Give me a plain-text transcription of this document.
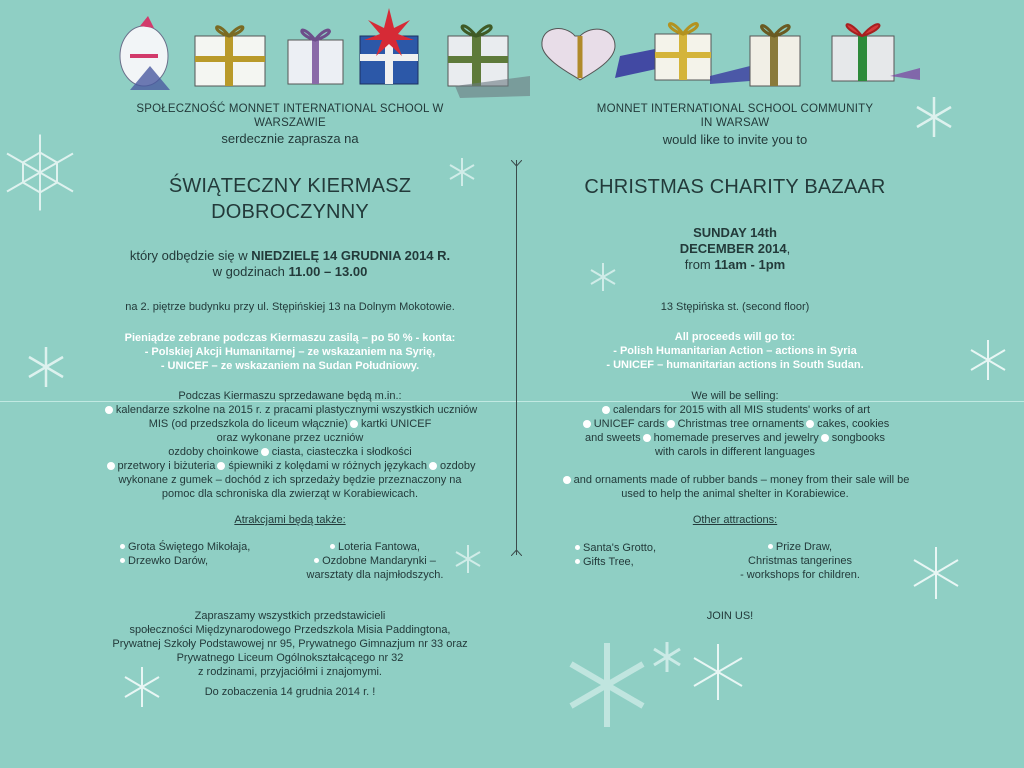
SPOŁECZNOŚĆ MONNET INTERNATIONAL SCHOOL W WARSZAWIE
serdecznie zaprasza na
ŚWIĄTECZNY KIERMASZ
DOBROCZYNNY
który odbędzie się w NIEDZIELĘ 14 GRUDNIA 2014 R.
w godzinach 11.00 – 13.00
na 2. piętrze budynku przy ul. Stępińskiej 13 na Dolnym Mokotowie.
Pieniądze zebrane podczas Kiermaszu zasilą – po 50 % - konta:
- Polskiej Akcji Humanitarnej – ze wskazaniem na Syrię,
- UNICEF – ze wskazaniem na Sudan Południowy.
Podczas Kiermaszu sprzedawane będą m.in.:
kalendarze szkolne na 2015 r. z pracami plastycznymi wszystkich uczniów
MIS (od przedszkola do liceum włącznie) kartki UNICEF
oraz wykonane przez uczniów
ozdoby choinkowe ciasta, ciasteczka i słodkości
przetwory i biżuteria śpiewniki z kolędami w różnych językach ozdoby
wykonane z gumek – dochód z ich sprzedaży będzie przeznaczony na
pomoc dla schroniska dla zwierząt w Korabiewicach.
Atrakcjami będą także:
Grota Świętego Mikołaja,
Drzewko Darów,
Loteria Fantowa,
Ozdobne Mandarynki –
warsztaty dla najmłodszych.
Zapraszamy wszystkich przedstawicieli
społeczności Międzynarodowego Przedszkola Misia Paddingtona,
Prywatnej Szkoły Podstawowej nr 95, Prywatnego Gimnazjum nr 33 oraz
Prywatnego Liceum Ogólnokształcącego nr 32
z rodzinami, przyjaciółmi i znajomymi.
Do zobaczenia 14 grudnia 2014 r. !
MONNET INTERNATIONAL SCHOOL COMMUNITY
IN WARSAW
would like to invite you to
CHRISTMAS CHARITY BAZAAR
SUNDAY 14th
DECEMBER 2014,
from 11am - 1pm
13 Stępińska st. (second floor)
All proceeds will go to:
- Polish Humanitarian Action – actions in Syria
- UNICEF – humanitarian actions in South Sudan.
We will be selling:
calendars for 2015 with all MIS students' works of art
UNICEF cards Christmas tree ornaments cakes, cookies
and sweets homemade preserves and jewelry songbooks
with carols in different languages
and ornaments made of rubber bands – money from their sale will be
used to help the animal shelter in Korabiewice.
Other attractions:
Santa's Grotto,
Gifts Tree,
Prize Draw,
Christmas tangerines
- workshops for children.
JOIN US!
